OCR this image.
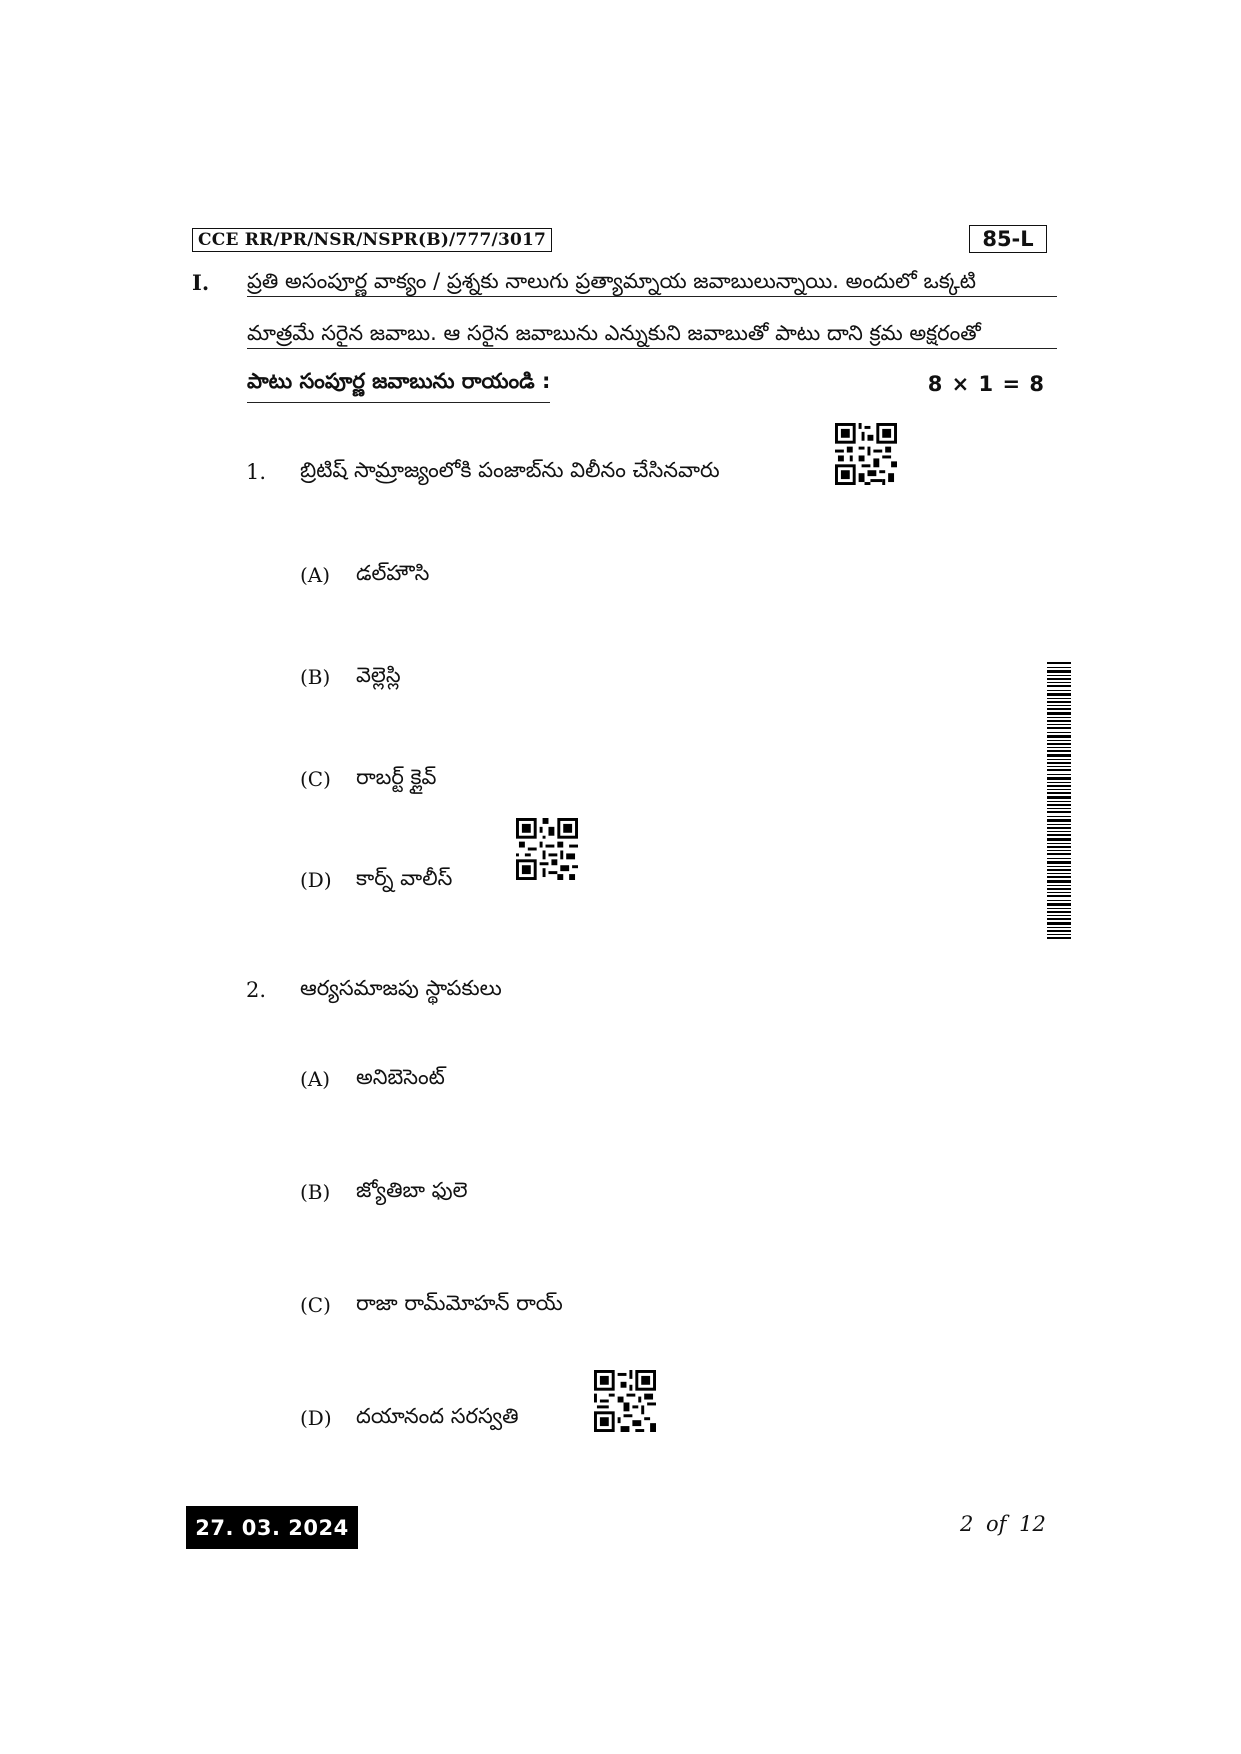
CCE RR/PR/NSR/NSPR(B)/777/3017	85-L
I. ప్రతి అసంపూర్ణ వాక్యం / ప్రశ్నకు నాలుగు ప్రత్యామ్నాయ జవాబులున్నాయి. అందులో ఒక్కటి
మాత్రమే సరైన జవాబు. ఆ సరైన జవాబును ఎన్నుకుని జవాబుతో పాటు దాని క్రమ అక్షరంతో
పాటు సంపూర్ణ జవాబును రాయండి :	8 × 1 = 8
1. బ్రిటిష్ సామ్రాజ్యంలోకి పంజాబ్‌ను విలీనం చేసినవారు
(A) డల్‌హౌసి
(B) వెల్లెస్లి
(C) రాబర్ట్ క్లైవ్
(D) కార్న్ వాలీస్
2. ఆర్యసమాజపు స్థాపకులు
(A) అనిబెసెంట్
(B) జ్యోతిబా ఫులె
(C) రాజా రామ్‌మోహన్ రాయ్
(D) దయానంద సరస్వతి
27. 03. 2024	2 of 12
